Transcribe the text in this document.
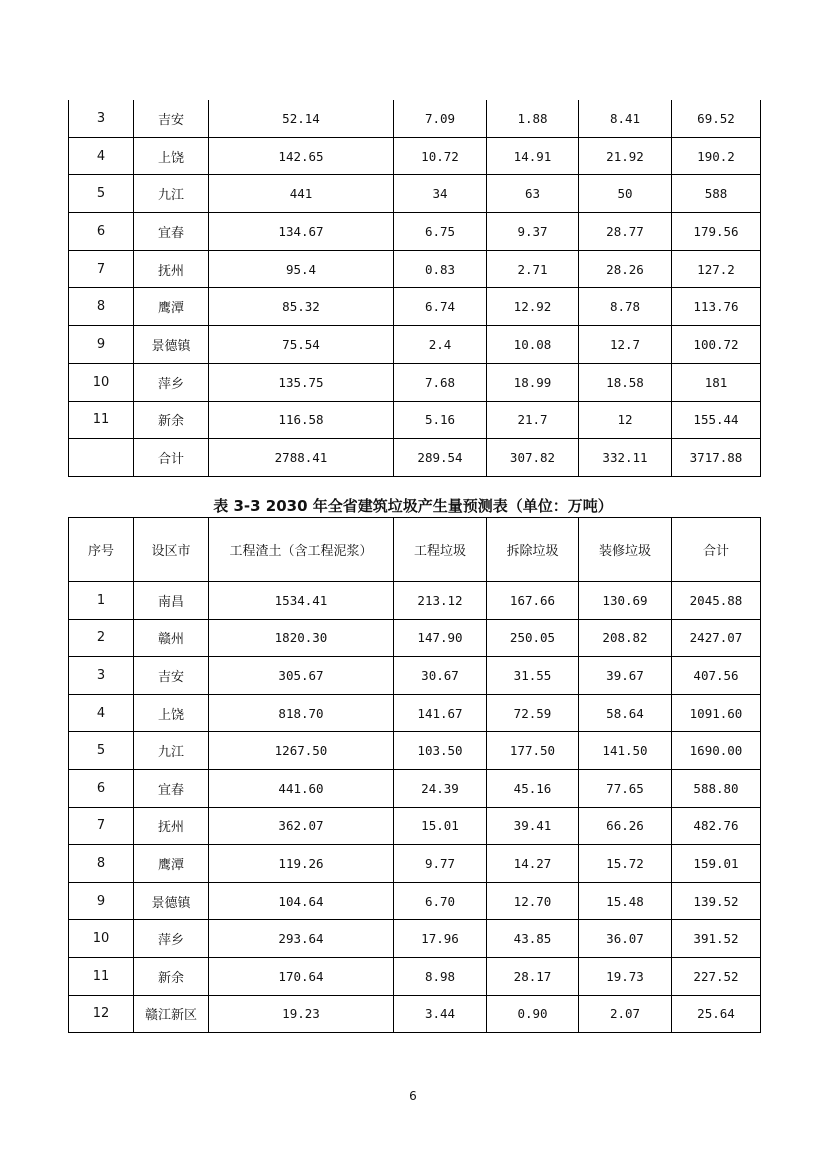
3	吉安	52.14	7.09	1.88	8.41	69.52
4	上饶	142.65	10.72	14.91	21.92	190.2
5	九江	441	34	63	50	588
6	宜春	134.67	6.75	9.37	28.77	179.56
7	抚州	95.4	0.83	2.71	28.26	127.2
8	鹰潭	85.32	6.74	12.92	8.78	113.76
9	景德镇	75.54	2.4	10.08	12.7	100.72
10	萍乡	135.75	7.68	18.99	18.58	181
11	新余	116.58	5.16	21.7	12	155.44
	合计	2788.41	289.54	307.82	332.11	3717.88
表 3-3 2030 年全省建筑垃圾产生量预测表（单位：万吨）
序号	设区市	工程渣土（含工程泥浆）	工程垃圾	拆除垃圾	装修垃圾	合计
1	南昌	1534.41	213.12	167.66	130.69	2045.88
2	赣州	1820.30	147.90	250.05	208.82	2427.07
3	吉安	305.67	30.67	31.55	39.67	407.56
4	上饶	818.70	141.67	72.59	58.64	1091.60
5	九江	1267.50	103.50	177.50	141.50	1690.00
6	宜春	441.60	24.39	45.16	77.65	588.80
7	抚州	362.07	15.01	39.41	66.26	482.76
8	鹰潭	119.26	9.77	14.27	15.72	159.01
9	景德镇	104.64	6.70	12.70	15.48	139.52
10	萍乡	293.64	17.96	43.85	36.07	391.52
11	新余	170.64	8.98	28.17	19.73	227.52
12	赣江新区	19.23	3.44	0.90	2.07	25.64
6
